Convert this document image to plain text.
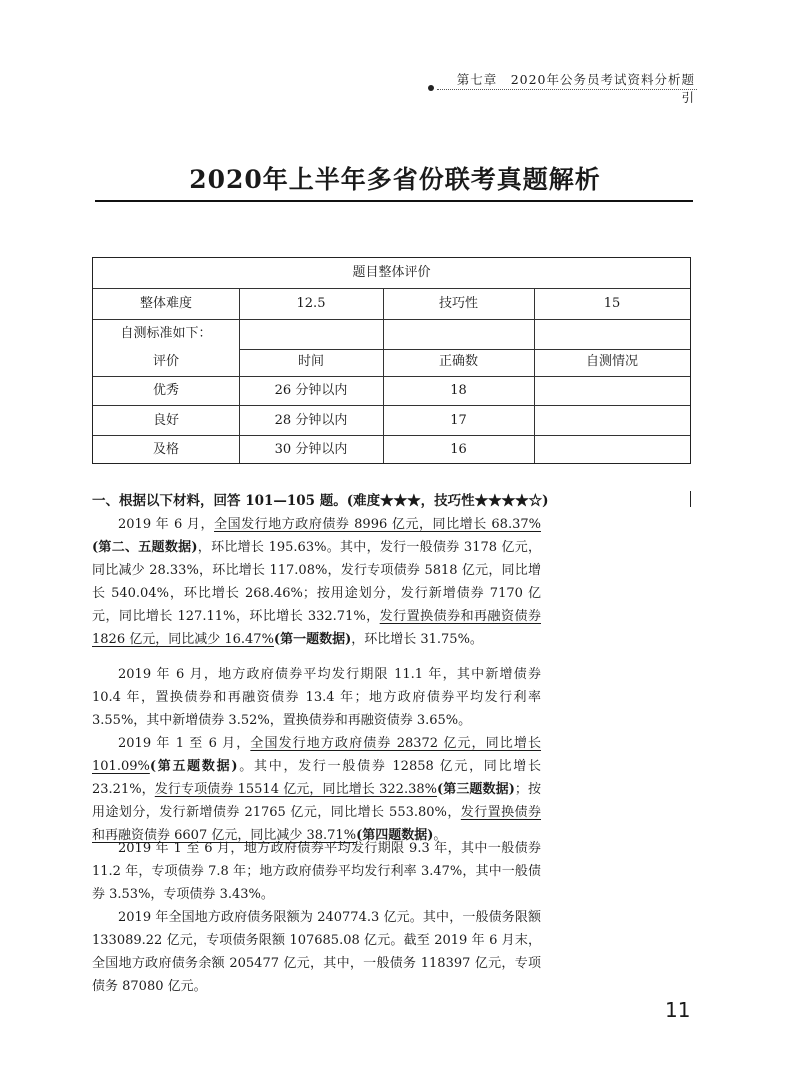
第七章　2020年公务员考试资料分析题引
2020年上半年多省份联考真题解析
题目整体评价
整体难度	12.5	技巧性	15
自测标准如下：
评价	时间	正确数	自测情况
优秀	26 分钟以内	18
良好	28 分钟以内	17
及格	30 分钟以内	16
一、根据以下材料，回答 101—105 题。(难度★★★，技巧性★★★★☆)
2019 年 6 月，全国发行地方政府债券 8996 亿元，同比增长 68.37%(第二、五题数据)，环比增长 195.63%。其中，发行一般债券 3178 亿元，同比减少 28.33%，环比增长 117.08%，发行专项债券 5818 亿元，同比增长 540.04%，环比增长 268.46%；按用途划分，发行新增债券 7170 亿元，同比增长 127.11%，环比增长 332.71%，发行置换债券和再融资债券 1826 亿元，同比减少 16.47%(第一题数据)，环比增长 31.75%。
2019 年 6 月，地方政府债券平均发行期限 11.1 年，其中新增债券 10.4 年，置换债券和再融资债券 13.4 年；地方政府债券平均发行利率 3.55%，其中新增债券 3.52%，置换债券和再融资债券 3.65%。
2019 年 1 至 6 月，全国发行地方政府债券 28372 亿元，同比增长 101.09%(第五题数据)。其中，发行一般债券 12858 亿元，同比增长 23.21%，发行专项债券 15514 亿元，同比增长 322.38%(第三题数据)；按用途划分，发行新增债券 21765 亿元，同比增长 553.80%，发行置换债券和再融资债券 6607 亿元，同比减少 38.71%(第四题数据)。
2019 年 1 至 6 月，地方政府债券平均发行期限 9.3 年，其中一般债券 11.2 年，专项债券 7.8 年；地方政府债券平均发行利率 3.47%，其中一般债券 3.53%，专项债券 3.43%。
2019 年全国地方政府债务限额为 240774.3 亿元。其中，一般债务限额 133089.22 亿元，专项债务限额 107685.08 亿元。截至 2019 年 6 月末，全国地方政府债务余额 205477 亿元，其中，一般债务 118397 亿元，专项债务 87080 亿元。
11
